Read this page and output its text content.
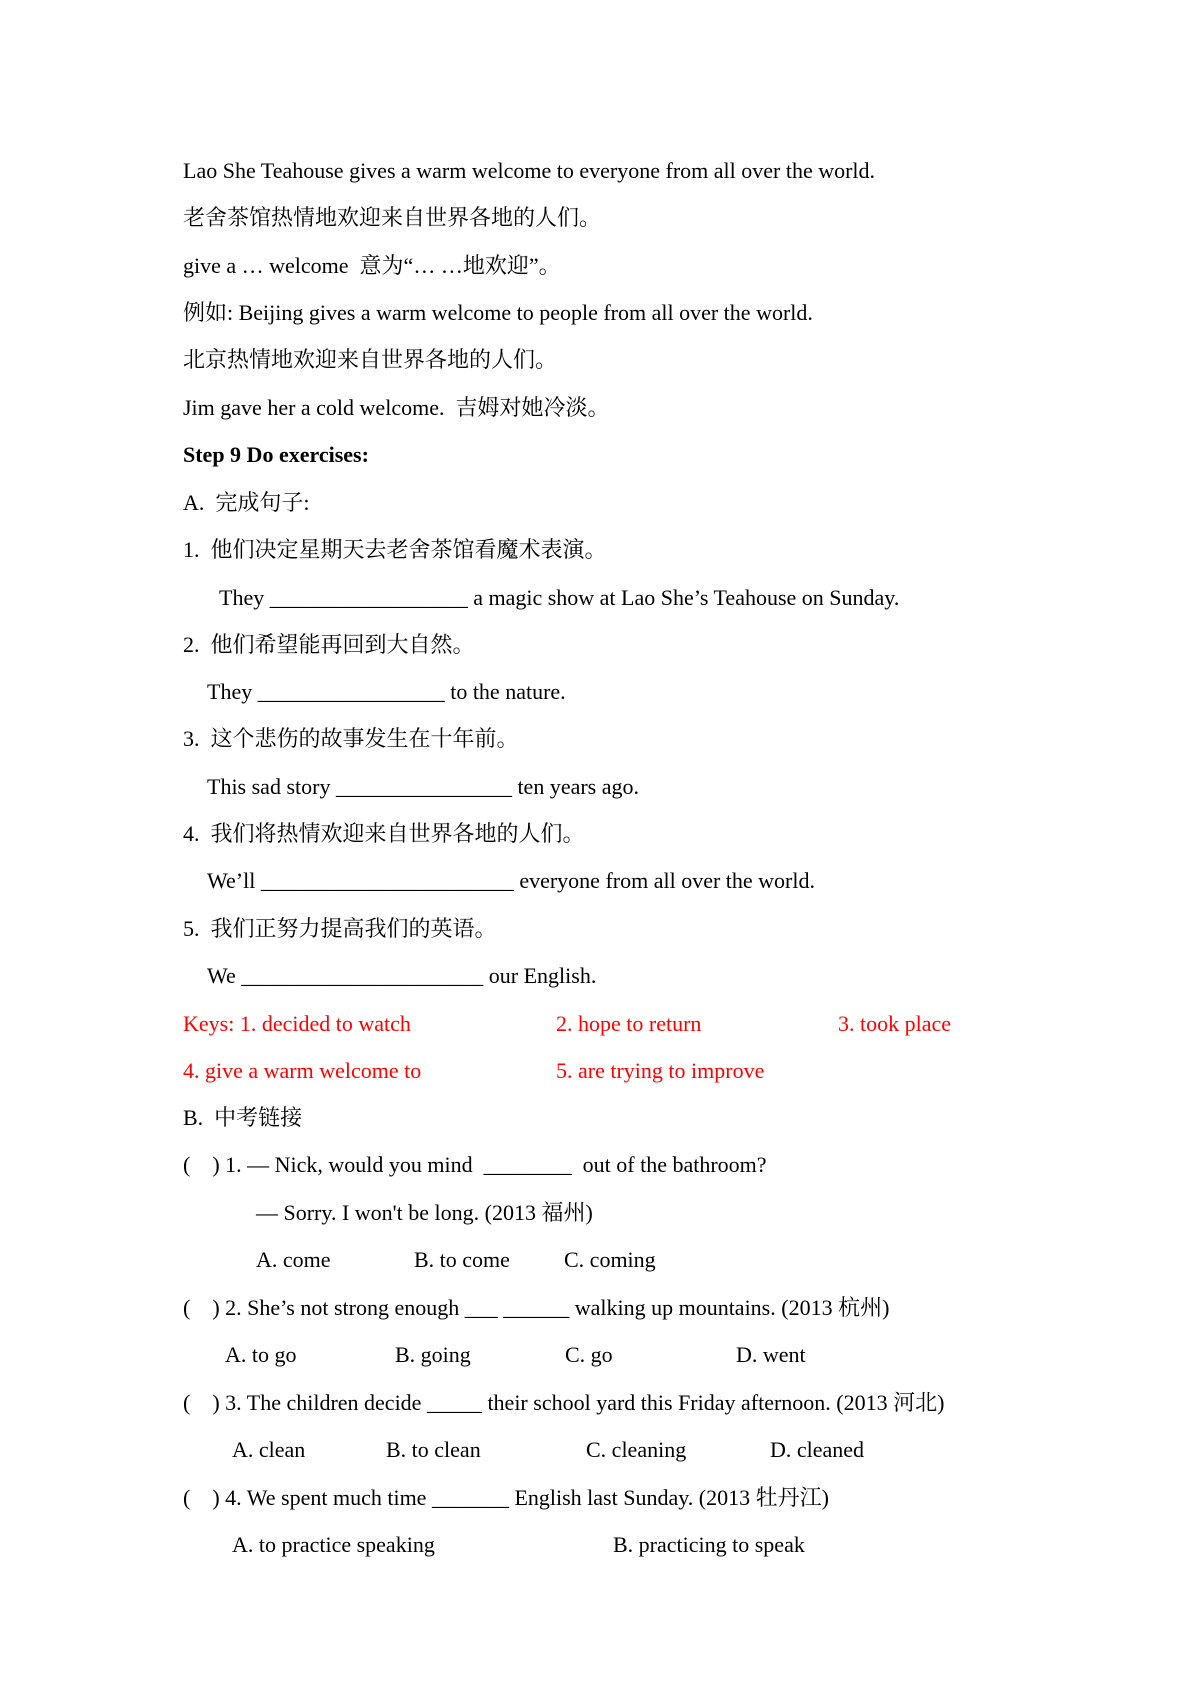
Lao She Teahouse gives a warm welcome to everyone from all over the world.
老舍茶馆热情地欢迎来自世界各地的人们。
give a … welcome  意为“… …地欢迎”。
例如: Beijing gives a warm welcome to people from all over the world.
北京热情地欢迎来自世界各地的人们。
Jim gave her a cold welcome.  吉姆对她冷淡。
Step 9 Do exercises:
A.  完成句子:
1.  他们决定星期天去老舍茶馆看魔术表演。
They __________________ a magic show at Lao She’s Teahouse on Sunday.
2.  他们希望能再回到大自然。
They _________________ to the nature.
3.  这个悲伤的故事发生在十年前。
This sad story ________________ ten years ago.
4.  我们将热情欢迎来自世界各地的人们。
We’ll _______________________ everyone from all over the world.
5.  我们正努力提高我们的英语。
We ______________________ our English.
Keys: 1. decided to watch	2. hope to return	3. took place
4. give a warm welcome to	5. are trying to improve
B.  中考链接
(    ) 1. — Nick, would you mind  ________  out of the bathroom?
— Sorry. I won't be long. (2013 福州)
A. come	B. to come C. coming
(    ) 2. She’s not strong enough ___ ______ walking up mountains. (2013 杭州)
A. to go	B. going	C. go	D. went
(    ) 3. The children decide _____ their school yard this Friday afternoon. (2013 河北)
A. clean	B. to clean	C. cleaning	D. cleaned
(    ) 4. We spent much time _______ English last Sunday. (2013 牡丹江)
A. to practice speaking	B. practicing to speak
